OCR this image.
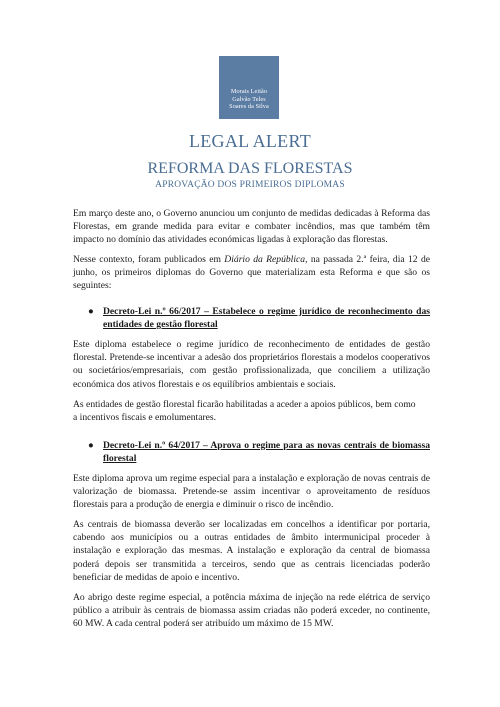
Morais Leitão
Galvão Teles
Soares da Silva
LEGAL ALERT
REFORMA DAS FLORESTAS
APROVAÇÃO DOS PRIMEIROS DIPLOMAS

Em março deste ano, o Governo anunciou um conjunto de medidas dedicadas à Reforma das Florestas, em grande medida para evitar e combater incêndios, mas que também têm impacto no domínio das atividades económicas ligadas à exploração das florestas.

Nesse contexto, foram publicados em Diário da República, na passada 2.ª feira, dia 12 de junho, os primeiros diplomas do Governo que materializam esta Reforma e que são os seguintes:

● Decreto-Lei n.º 66/2017 – Estabelece o regime jurídico de reconhecimento das entidades de gestão florestal

Este diploma estabelece o regime jurídico de reconhecimento de entidades de gestão florestal. Pretende-se incentivar a adesão dos proprietários florestais a modelos cooperativos ou societários/empresariais, com gestão profissionalizada, que conciliem a utilização económica dos ativos florestais e os equilíbrios ambientais e sociais.

As entidades de gestão florestal ficarão habilitadas a aceder a apoios públicos, bem como
a incentivos fiscais e emolumentares.
● Decreto-Lei n.º 64/2017 – Aprova o regime para as novas centrais de biomassa florestal

Este diploma aprova um regime especial para a instalação e exploração de novas centrais de valorização de biomassa. Pretende-se assim incentivar o aproveitamento de resíduos florestais para a produção de energia e diminuir o risco de incêndio.

As centrais de biomassa deverão ser localizadas em concelhos a identificar por portaria, cabendo aos municípios ou a outras entidades de âmbito intermunicipal proceder à instalação e exploração das mesmas. A instalação e exploração da central de biomassa poderá depois ser transmitida a terceiros, sendo que as centrais licenciadas poderão beneficiar de medidas de apoio e incentivo.

Ao abrigo deste regime especial, a potência máxima de injeção na rede elétrica de serviço público a atribuir às centrais de biomassa assim criadas não poderá exceder, no continente, 60 MW. A cada central poderá ser atribuído um máximo de 15 MW.
